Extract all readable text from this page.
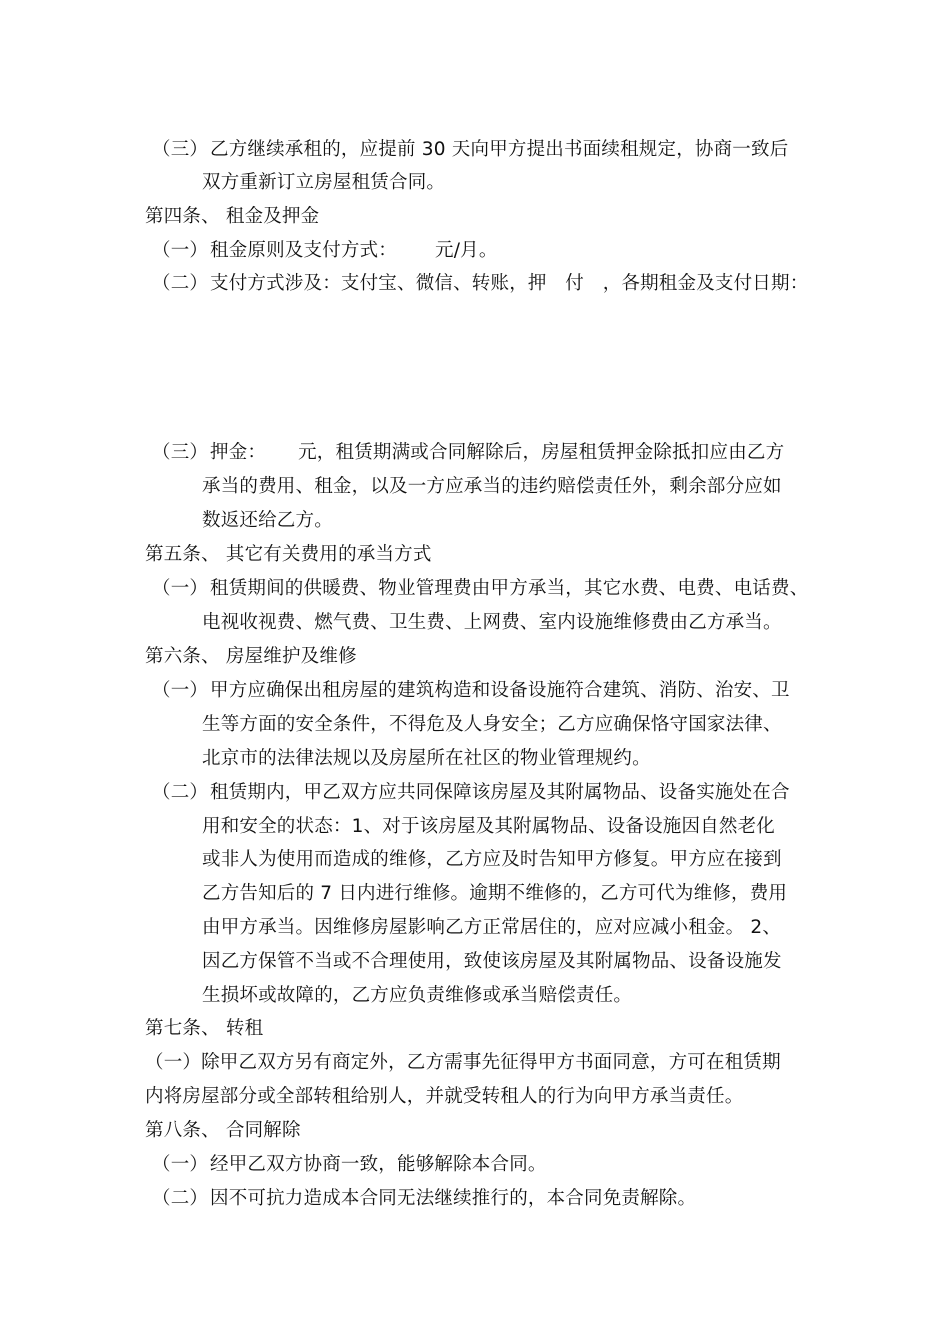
（三） 乙方继续承租的，应提前 30 天向甲方提出书面续租规定，协商一致后
双方重新订立房屋租赁合同。
第四条、 租金及押金
（一） 租金原则及支付方式： 元/月。
（二） 支付方式涉及：支付宝、微信、转账，押　付　，各期租金及支付日期：
（三） 押金： 元，租赁期满或合同解除后，房屋租赁押金除抵扣应由乙方
承当的费用、租金，以及一方应承当的违约赔偿责任外，剩余部分应如
数返还给乙方。
第五条、 其它有关费用的承当方式
（一） 租赁期间的供暖费、物业管理费由甲方承当，其它水费、电费、电话费、
电视收视费、燃气费、卫生费、上网费、室内设施维修费由乙方承当。
第六条、 房屋维护及维修
（一） 甲方应确保出租房屋的建筑构造和设备设施符合建筑、消防、治安、卫
生等方面的安全条件，不得危及人身安全；乙方应确保恪守国家法律、
北京市的法律法规以及房屋所在社区的物业管理规约。
（二） 租赁期内，甲乙双方应共同保障该房屋及其附属物品、设备实施处在合
用和安全的状态：1、对于该房屋及其附属物品、设备设施因自然老化
或非人为使用而造成的维修，乙方应及时告知甲方修复。甲方应在接到
乙方告知后的 7 日内进行维修。逾期不维修的，乙方可代为维修，费用
由甲方承当。因维修房屋影响乙方正常居住的，应对应减小租金。 2、
因乙方保管不当或不合理使用，致使该房屋及其附属物品、设备设施发
生损坏或故障的，乙方应负责维修或承当赔偿责任。
第七条、 转租
（一）除甲乙双方另有商定外，乙方需事先征得甲方书面同意，方可在租赁期
内将房屋部分或全部转租给别人，并就受转租人的行为向甲方承当责任。
第八条、 合同解除
（一） 经甲乙双方协商一致，能够解除本合同。
（二） 因不可抗力造成本合同无法继续推行的，本合同免责解除。
